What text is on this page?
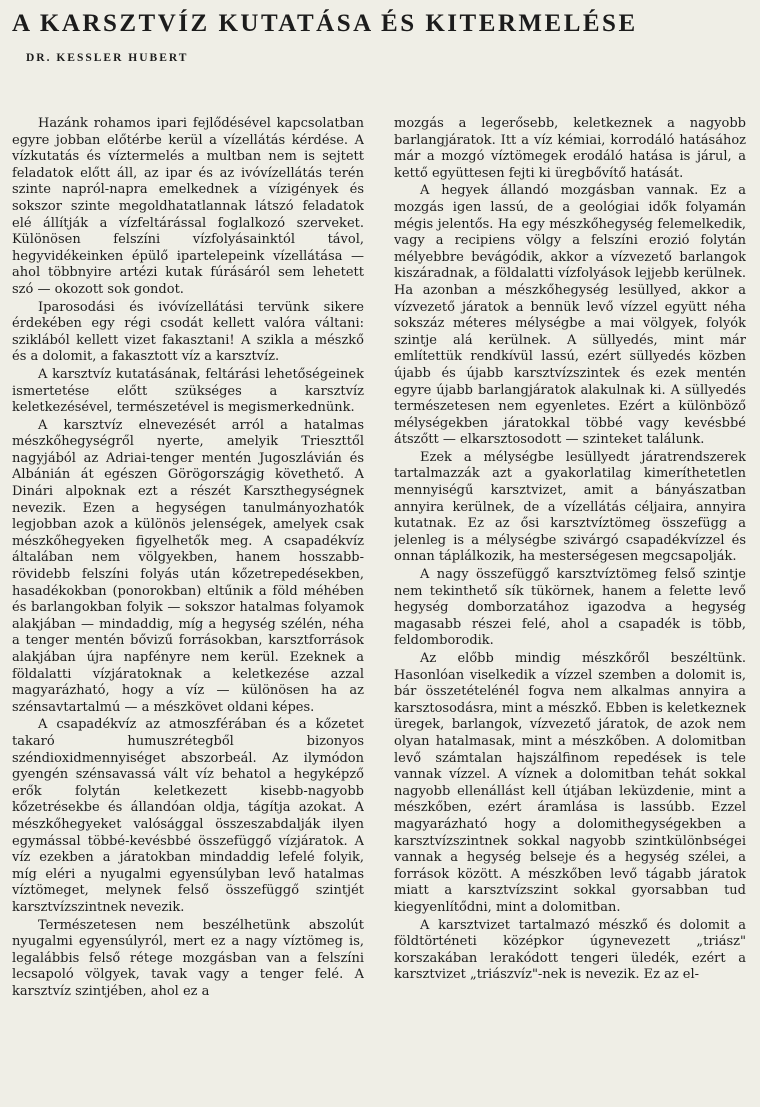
A KARSZTVÍZ KUTATÁSA ÉS KITERMELÉSE
DR. KESSLER HUBERT

Hazánk rohamos ipari fejlődésével kapcsolatban egyre jobban előtérbe kerül a vízellátás kérdése. A vízkutatás és víztermelés a multban nem is sejtett feladatok előtt áll, az ipar és az ivóvízellátás terén szinte napról-napra emelkednek a vízigények és sokszor szinte megoldhatatlannak látszó feladatok elé állítják a vízfeltárással foglalkozó szerveket. Különösen felszíni vízfolyásainktól távol, hegyvidékeinken épülő ipartelepeink vízellátása — ahol többnyire artézi kutak fúrásáról sem lehetett szó — okozott sok gondot.

Iparosodási és ivóvízellátási tervünk sikere érdekében egy régi csodát kellett valóra váltani: sziklából kellett vizet fakasztani! A szikla a mészkő és a dolomit, a fakasztott víz a karsztvíz.

A karsztvíz kutatásának, feltárási lehetőségeinek ismertetése előtt szükséges a karsztvíz keletkezésével, természetével is megismerkednünk.

A karsztvíz elnevezését arról a hatalmas mészkőhegységről nyerte, amelyik Trieszttől nagyjából az Adriai-tenger mentén Jugoszlávián és Albánián át egészen Görögországig követhető. A Dinári alpoknak ezt a részét Karszthegységnek nevezik. Ezen a hegységen tanulmányozhatók legjobban azok a különös jelenségek, amelyek csak mészkőhegyeken figyelhetők meg. A csapadékvíz általában nem völgyekben, hanem hosszabb-rövidebb felszíni folyás után kőzetrepedésekben, hasadékokban (ponorokban) eltűnik a föld méhében és barlangokban folyik — sokszor hatalmas folyamok alakjában — mindaddig, míg a hegység szélén, néha a tenger mentén bővizű forrásokban, karsztforrások alakjában újra napfényre nem kerül. Ezeknek a földalatti vízjáratoknak a keletkezése azzal magyarázható, hogy a víz — különösen ha az szénsavtartalmú — a mészkövet oldani képes.

A csapadékvíz az atmoszférában és a kőzetet takaró humuszrétegből bizonyos széndioxidmennyiséget abszorbeál. Az ilymódon gyengén szénsavassá vált víz behatol a hegyképző erők folytán keletkezett kisebb-nagyobb kőzetrésekbe és állandóan oldja, tágítja azokat. A mészkőhegyeket valósággal összeszabdalják ilyen egymással többé-kevésbbé összefüggő vízjáratok. A víz ezekben a járatokban mindaddig lefelé folyik, míg eléri a nyugalmi egyensúlyban levő hatalmas víztömeget, melynek felső összefüggő szintjét karsztvízszintnek nevezik.

Természetesen nem beszélhetünk abszolút nyugalmi egyensúlyról, mert ez a nagy víztömeg is, legalábbis felső rétege mozgásban van a felszíni lecsapoló völgyek, tavak vagy a tenger felé. A karsztvíz szintjében, ahol ez a

mozgás a legerősebb, keletkeznek a nagyobb barlangjáratok. Itt a víz kémiai, korrodáló hatásához már a mozgó víztömegek erodáló hatása is járul, a kettő együttesen fejti ki üregbővítő hatását.

A hegyek állandó mozgásban vannak. Ez a mozgás igen lassú, de a geológiai idők folyamán mégis jelentős. Ha egy mészkőhegység felemelkedik, vagy a recipiens völgy a felszíni erozió folytán mélyebbre bevágódik, akkor a vízvezető barlangok kiszáradnak, a földalatti vízfolyások lejjebb kerülnek. Ha azonban a mészkőhegység lesüllyed, akkor a vízvezető járatok a bennük levő vízzel együtt néha sokszáz méteres mélységbe a mai völgyek, folyók szintje alá kerülnek. A süllyedés, mint már említettük rendkívül lassú, ezért süllyedés közben újabb és újabb karsztvízszintek és ezek mentén egyre újabb barlangjáratok alakulnak ki. A süllyedés természetesen nem egyenletes. Ezért a különböző mélységekben járatokkal többé vagy kevésbbé átszőtt — elkarsztosodott — szinteket találunk.

Ezek a mélységbe lesüllyedt járatrendszerek tartalmazzák azt a gyakorlatilag kimeríthetetlen mennyiségű karsztvizet, amit a bányászatban annyira kerülnek, de a vízellátás céljaira, annyira kutatnak. Ez az ősi karsztvíztömeg összefügg a jelenleg is a mélységbe szivárgó csapadékvízzel és onnan táplálkozik, ha mesterségesen megcsapolják.

A nagy összefüggő karsztvíztömeg felső szintje nem tekinthető sík tükörnek, hanem a felette levő hegység domborzatához igazodva a hegység magasabb részei felé, ahol a csapadék is több, feldomborodik.

Az előbb mindig mészkőről beszéltünk. Hasonlóan viselkedik a vízzel szemben a dolomit is, bár összetételénél fogva nem alkalmas annyira a karsztosodásra, mint a mészkő. Ebben is keletkeznek üregek, barlangok, vízvezető járatok, de azok nem olyan hatalmasak, mint a mészkőben. A dolomitban levő számtalan hajszálfinom repedések is tele vannak vízzel. A víznek a dolomitban tehát sokkal nagyobb ellenállást kell útjában leküzdenie, mint a mészkőben, ezért áramlása is lassúbb. Ezzel magyarázható hogy a dolomithegységekben a karsztvízszintnek sokkal nagyobb szintkülönbségei vannak a hegység belseje és a hegység szélei, a források között. A mészkőben levő tágabb járatok miatt a karsztvízszint sokkal gyorsabban tud kiegyenlítődni, mint a dolomitban.

A karsztvizet tartalmazó mészkő és dolomit a földtörténeti középkor úgynevezett „triász" korszakában lerakódott tengeri üledék, ezért a karsztvizet „triászvíz"-nek is nevezik. Ez az el-
